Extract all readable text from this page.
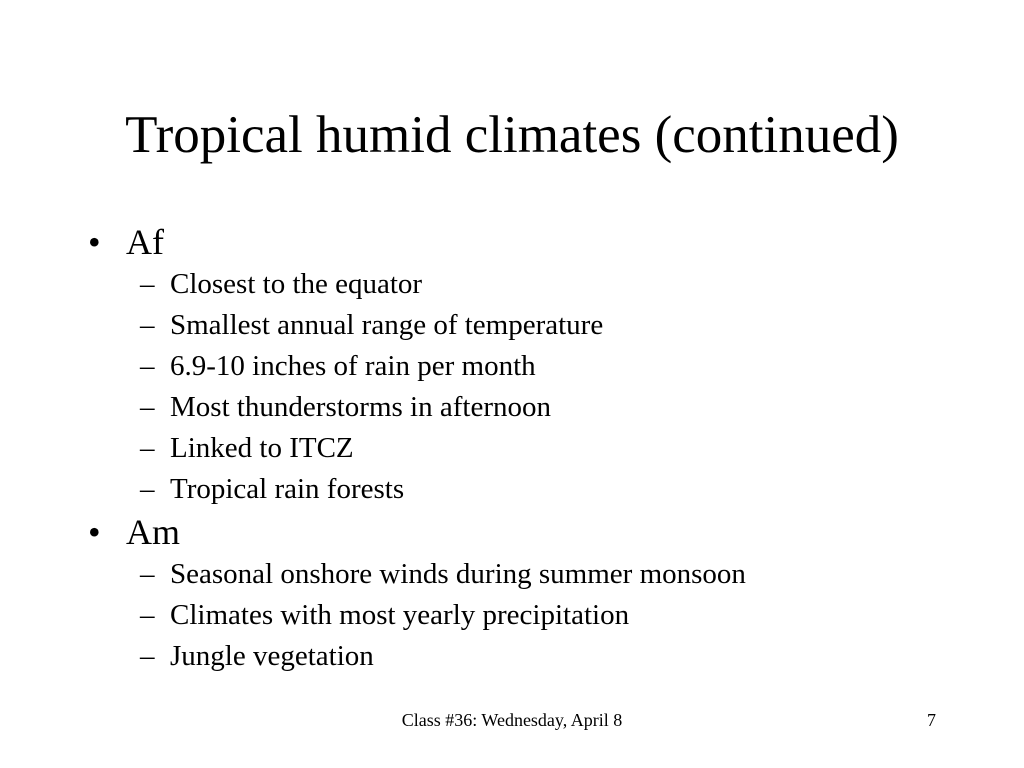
Tropical humid climates (continued)
• Af
– Closest to the equator
– Smallest annual range of temperature
– 6.9-10 inches of rain per month
– Most thunderstorms in afternoon
– Linked to ITCZ
– Tropical rain forests
• Am
– Seasonal onshore winds during summer monsoon
– Climates with most yearly precipitation
– Jungle vegetation
Class #36: Wednesday, April 8	7
